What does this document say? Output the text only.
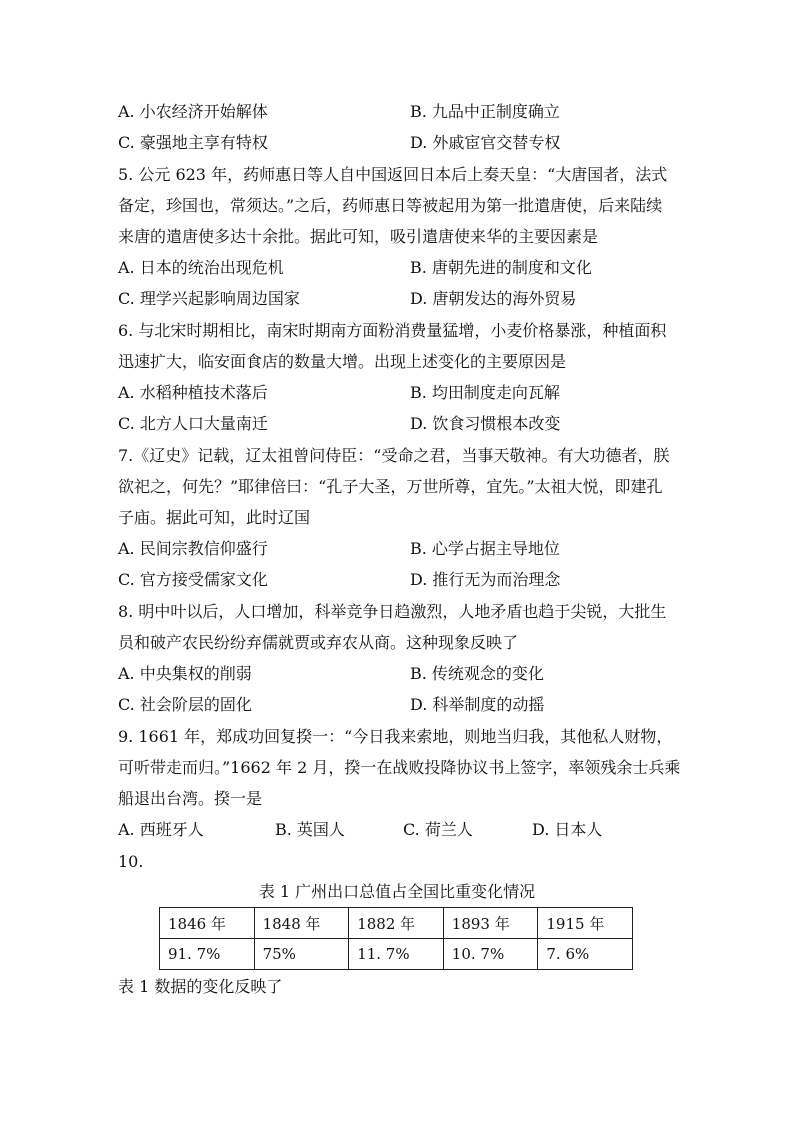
A. 小农经济开始解体	B. 九品中正制度确立
C. 豪强地主享有特权	D. 外戚宦官交替专权
5. 公元 623 年，药师惠日等人自中国返回日本后上奏天皇：“大唐国者，法式
备定，珍国也，常须达。”之后，药师惠日等被起用为第一批遣唐使，后来陆续
来唐的遣唐使多达十余批。据此可知，吸引遣唐使来华的主要因素是
A. 日本的统治出现危机	B. 唐朝先进的制度和文化
C. 理学兴起影响周边国家	D. 唐朝发达的海外贸易
6. 与北宋时期相比，南宋时期南方面粉消费量猛增，小麦价格暴涨，种植面积
迅速扩大，临安面食店的数量大增。出现上述变化的主要原因是
A. 水稻种植技术落后	B. 均田制度走向瓦解
C. 北方人口大量南迁	D. 饮食习惯根本改变
7.《辽史》记载，辽太祖曾问侍臣：“受命之君，当事天敬神。有大功德者，朕
欲祀之，何先？”耶律倍曰：“孔子大圣，万世所尊，宜先。”太祖大悦，即建孔
子庙。据此可知，此时辽国
A. 民间宗教信仰盛行	B. 心学占据主导地位
C. 官方接受儒家文化	D. 推行无为而治理念
8. 明中叶以后，人口增加，科举竞争日趋激烈，人地矛盾也趋于尖锐，大批生
员和破产农民纷纷弃儒就贾或弃农从商。这种现象反映了
A. 中央集权的削弱	B. 传统观念的变化
C. 社会阶层的固化	D. 科举制度的动摇
9. 1661 年，郑成功回复揆一：“今日我来索地，则地当归我，其他私人财物，
可听带走而归。”1662 年 2 月，揆一在战败投降协议书上签字，率领残余士兵乘
船退出台湾。揆一是
A. 西班牙人	B. 英国人	C. 荷兰人	D. 日本人
10.
表 1 广州出口总值占全国比重变化情况
1846 年	1848 年	1882 年	1893 年	1915 年
91. 7%	75%	11. 7%	10. 7%	7. 6%
表 1 数据的变化反映了
